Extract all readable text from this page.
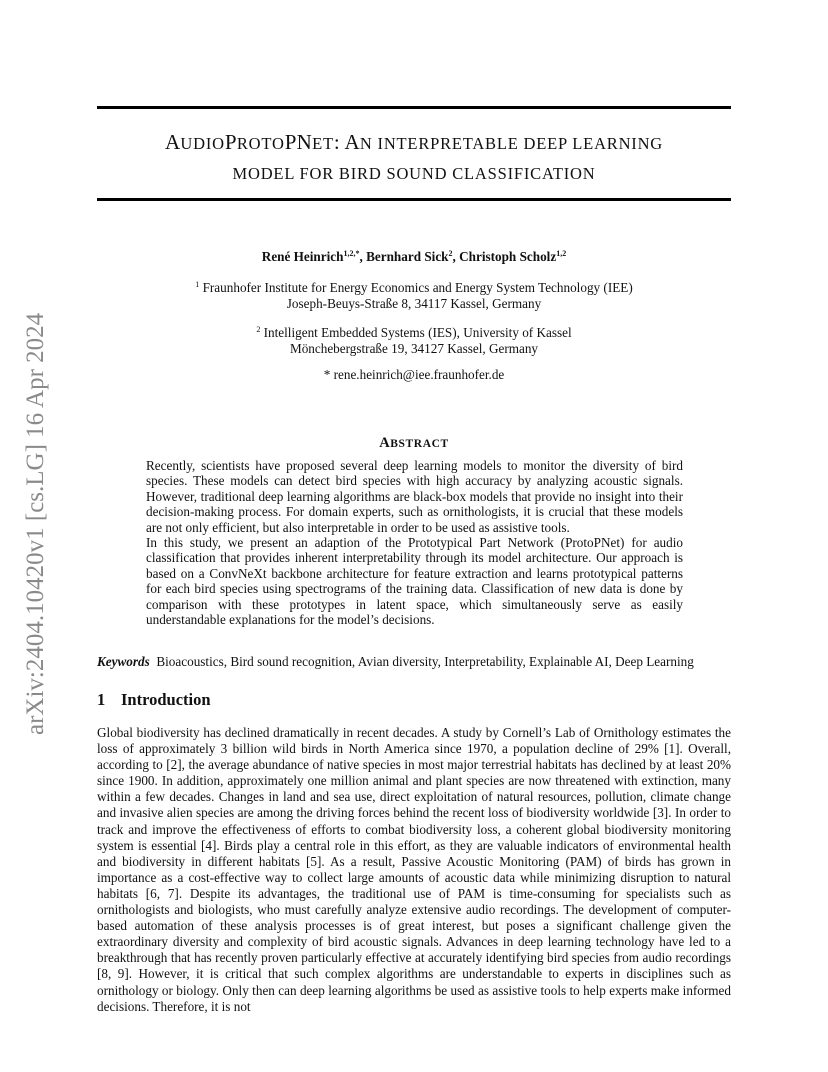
arXiv:2404.10420v1 [cs.LG] 16 Apr 2024
AUDIOPROTOPNET: AN INTERPRETABLE DEEP LEARNING
MODEL FOR BIRD SOUND CLASSIFICATION
René Heinrich$^{1,2,*}$, Bernhard Sick$^2$, Christoph Scholz$^{1,2}$
$^1$ Fraunhofer Institute for Energy Economics and Energy System Technology (IEE)
Joseph-Beuys-Straße 8, 34117 Kassel, Germany
$^2$ Intelligent Embedded Systems (IES), University of Kassel
Mönchebergstraße 19, 34127 Kassel, Germany
* rene.heinrich@iee.fraunhofer.de
ABSTRACT

Recently, scientists have proposed several deep learning models to monitor the diversity of bird species. These models can detect bird species with high accuracy by analyzing acoustic signals. However, traditional deep learning algorithms are black-box models that provide no insight into their decision-making process. For domain experts, such as ornithologists, it is crucial that these models are not only efficient, but also interpretable in order to be used as assistive tools.

In this study, we present an adaption of the Prototypical Part Network (ProtoPNet) for audio classification that provides inherent interpretability through its model architecture. Our approach is based on a ConvNeXt backbone architecture for feature extraction and learns prototypical patterns for each bird species using spectrograms of the training data. Classification of new data is done by comparison with these prototypes in latent space, which simultaneously serve as easily understandable explanations for the model’s decisions.

Keywords Bioacoustics, Bird sound recognition, Avian diversity, Interpretability, Explainable AI, Deep Learning
1 Introduction

Global biodiversity has declined dramatically in recent decades. A study by Cornell’s Lab of Ornithology estimates the loss of approximately 3 billion wild birds in North America since 1970, a population decline of 29% [1]. Overall, according to [2], the average abundance of native species in most major terrestrial habitats has declined by at least 20% since 1900. In addition, approximately one million animal and plant species are now threatened with extinction, many within a few decades. Changes in land and sea use, direct exploitation of natural resources, pollution, climate change and invasive alien species are among the driving forces behind the recent loss of biodiversity worldwide [3]. In order to track and improve the effectiveness of efforts to combat biodiversity loss, a coherent global biodiversity monitoring system is essential [4]. Birds play a central role in this effort, as they are valuable indicators of environmental health and biodiversity in different habitats [5]. As a result, Passive Acoustic Monitoring (PAM) of birds has grown in importance as a cost-effective way to collect large amounts of acoustic data while minimizing disruption to natural habitats [6, 7]. Despite its advantages, the traditional use of PAM is time-consuming for specialists such as ornithologists and biologists, who must carefully analyze extensive audio recordings. The development of computer-based automation of these analysis processes is of great interest, but poses a significant challenge given the extraordinary diversity and complexity of bird acoustic signals. Advances in deep learning technology have led to a breakthrough that has recently proven particularly effective at accurately identifying bird species from audio recordings [8, 9]. However, it is critical that such complex algorithms are understandable to experts in disciplines such as ornithology or biology. Only then can deep learning algorithms be used as assistive tools to help experts make informed decisions. Therefore, it is not
